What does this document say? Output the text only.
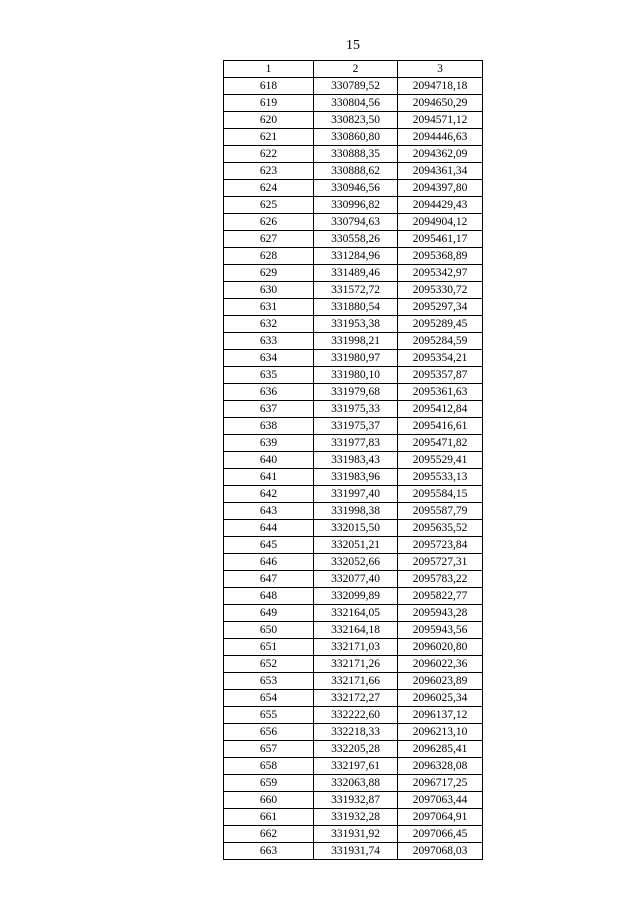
15
1	2	3
618	330789,52	2094718,18
619	330804,56	2094650,29
620	330823,50	2094571,12
621	330860,80	2094446,63
622	330888,35	2094362,09
623	330888,62	2094361,34
624	330946,56	2094397,80
625	330996,82	2094429,43
626	330794,63	2094904,12
627	330558,26	2095461,17
628	331284,96	2095368,89
629	331489,46	2095342,97
630	331572,72	2095330,72
631	331880,54	2095297,34
632	331953,38	2095289,45
633	331998,21	2095284,59
634	331980,97	2095354,21
635	331980,10	2095357,87
636	331979,68	2095361,63
637	331975,33	2095412,84
638	331975,37	2095416,61
639	331977,83	2095471,82
640	331983,43	2095529,41
641	331983,96	2095533,13
642	331997,40	2095584,15
643	331998,38	2095587,79
644	332015,50	2095635,52
645	332051,21	2095723,84
646	332052,66	2095727,31
647	332077,40	2095783,22
648	332099,89	2095822,77
649	332164,05	2095943,28
650	332164,18	2095943,56
651	332171,03	2096020,80
652	332171,26	2096022,36
653	332171,66	2096023,89
654	332172,27	2096025,34
655	332222,60	2096137,12
656	332218,33	2096213,10
657	332205,28	2096285,41
658	332197,61	2096328,08
659	332063,88	2096717,25
660	331932,87	2097063,44
661	331932,28	2097064,91
662	331931,92	2097066,45
663	331931,74	2097068,03
